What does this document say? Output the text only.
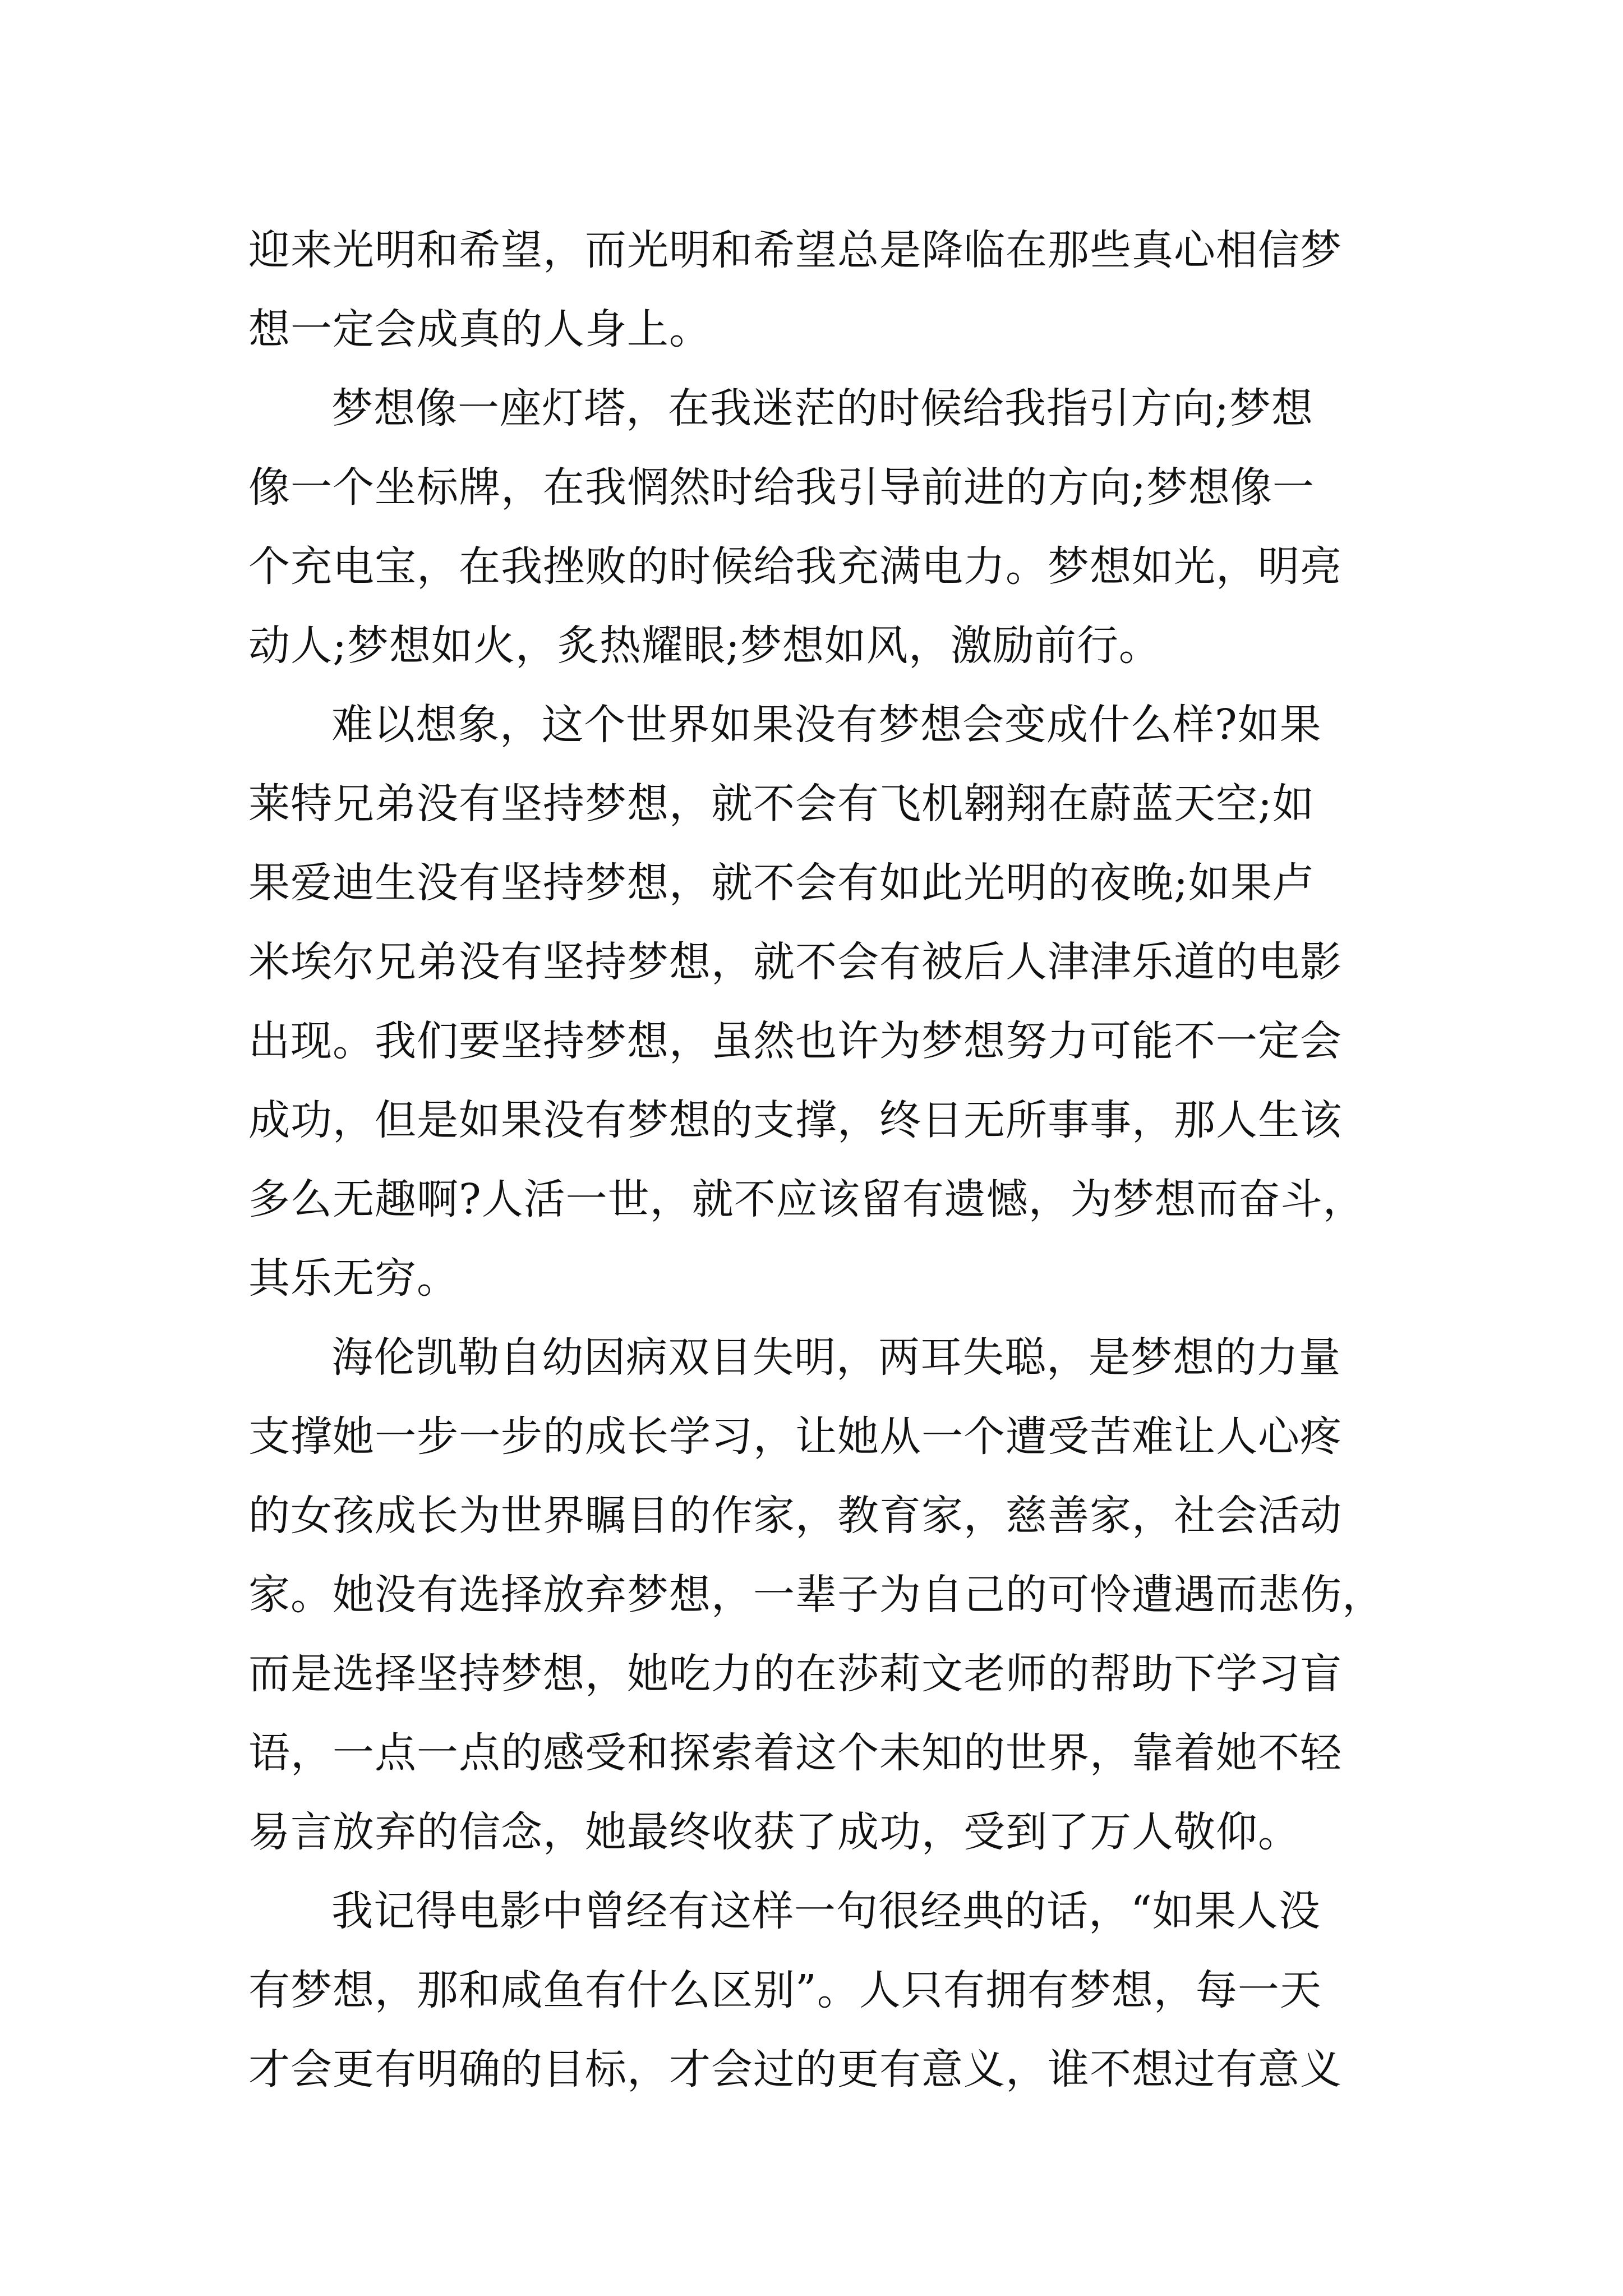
迎来光明和希望，而光明和希望总是降临在那些真心相信梦
想一定会成真的人身上。
梦想像一座灯塔，在我迷茫的时候给我指引方向;梦想
像一个坐标牌，在我惘然时给我引导前进的方向;梦想像一
个充电宝，在我挫败的时候给我充满电力。梦想如光，明亮
动人;梦想如火，炙热耀眼;梦想如风，激励前行。
难以想象，这个世界如果没有梦想会变成什么样?如果
莱特兄弟没有坚持梦想，就不会有飞机翱翔在蔚蓝天空;如
果爱迪生没有坚持梦想，就不会有如此光明的夜晚;如果卢
米埃尔兄弟没有坚持梦想，就不会有被后人津津乐道的电影
出现。我们要坚持梦想，虽然也许为梦想努力可能不一定会
成功，但是如果没有梦想的支撑，终日无所事事，那人生该
多么无趣啊?人活一世，就不应该留有遗憾，为梦想而奋斗，
其乐无穷。
海伦凯勒自幼因病双目失明，两耳失聪，是梦想的力量
支撑她一步一步的成长学习，让她从一个遭受苦难让人心疼
的女孩成长为世界瞩目的作家，教育家，慈善家，社会活动
家。她没有选择放弃梦想，一辈子为自己的可怜遭遇而悲伤，
而是选择坚持梦想，她吃力的在莎莉文老师的帮助下学习盲
语，一点一点的感受和探索着这个未知的世界，靠着她不轻
易言放弃的信念，她最终收获了成功，受到了万人敬仰。
我记得电影中曾经有这样一句很经典的话，“如果人没
有梦想，那和咸鱼有什么区别”。人只有拥有梦想，每一天
才会更有明确的目标，才会过的更有意义，谁不想过有意义
